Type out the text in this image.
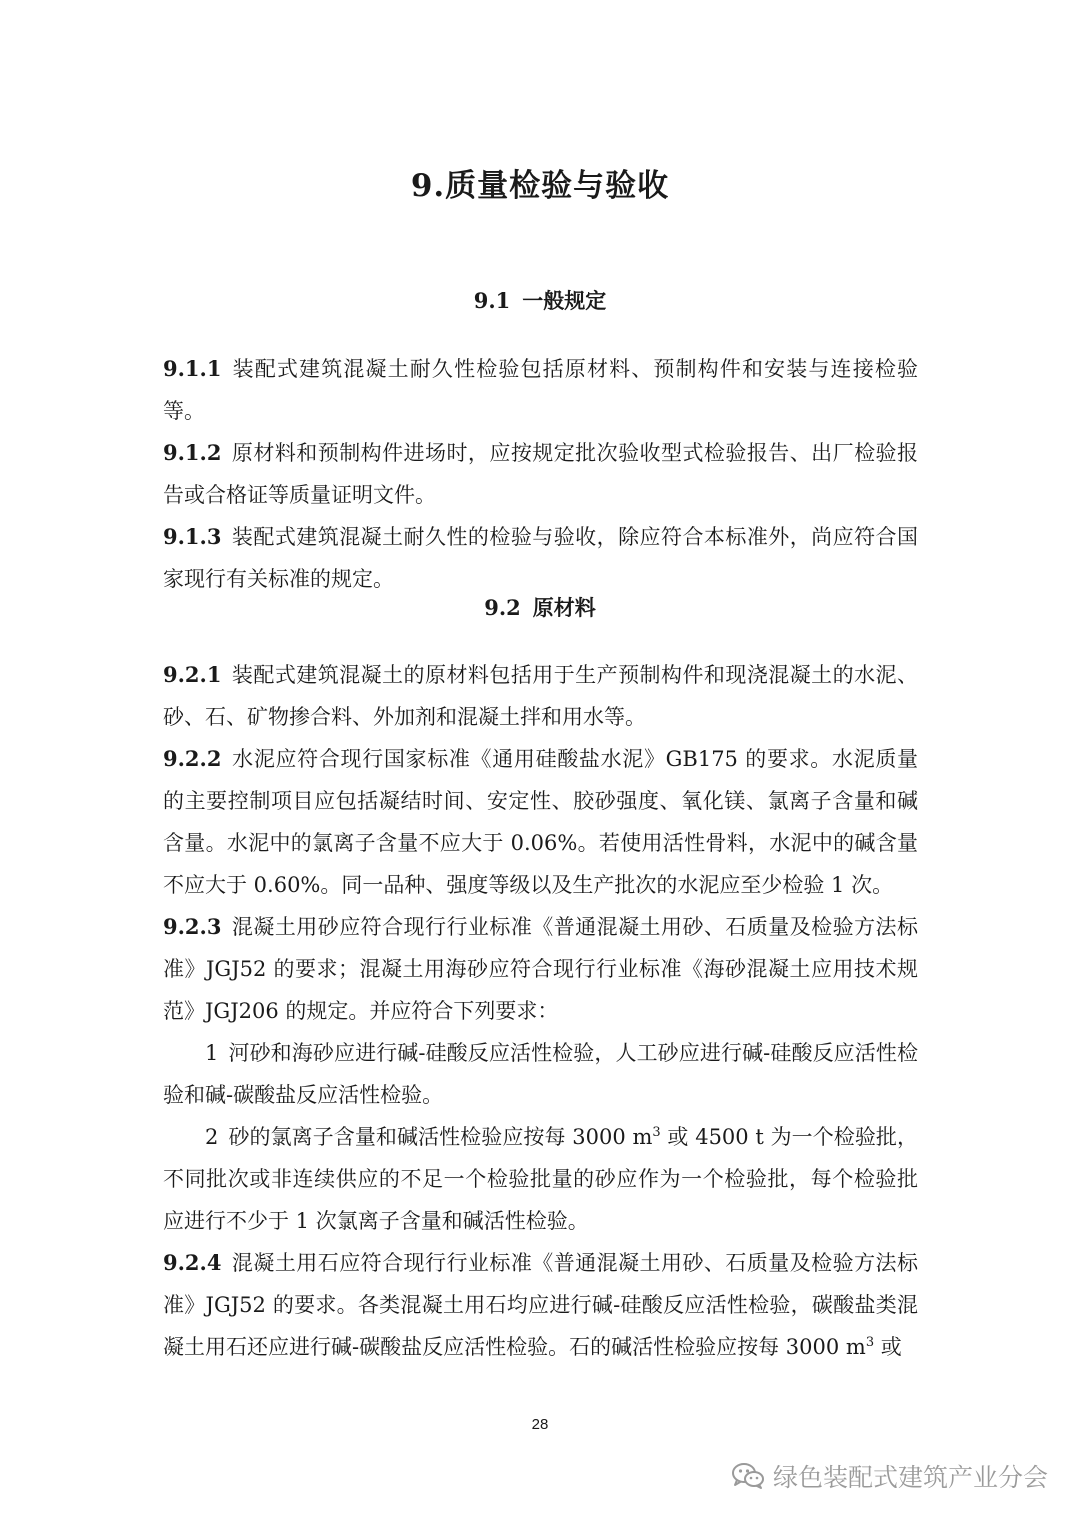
9.质量检验与验收
9.1 一般规定

9.1.1 装配式建筑混凝土耐久性检验包括原材料、预制构件和安装与连接检验等。

9.1.2 原材料和预制构件进场时，应按规定批次验收型式检验报告、出厂检验报告或合格证等质量证明文件。

9.1.3 装配式建筑混凝土耐久性的检验与验收，除应符合本标准外，尚应符合国家现行有关标准的规定。

9.2 原材料

9.2.1 装配式建筑混凝土的原材料包括用于生产预制构件和现浇混凝土的水泥、砂、石、矿物掺合料、外加剂和混凝土拌和用水等。

9.2.2 水泥应符合现行国家标准《通用硅酸盐水泥》GB175 的要求。水泥质量的主要控制项目应包括凝结时间、安定性、胶砂强度、氧化镁、氯离子含量和碱含量。水泥中的氯离子含量不应大于 0.06%。若使用活性骨料，水泥中的碱含量不应大于 0.60%。同一品种、强度等级以及生产批次的水泥应至少检验 1 次。

9.2.3 混凝土用砂应符合现行行业标准《普通混凝土用砂、石质量及检验方法标准》JGJ52 的要求；混凝土用海砂应符合现行行业标准《海砂混凝土应用技术规范》JGJ206 的规定。并应符合下列要求：

1 河砂和海砂应进行碱-硅酸反应活性检验，人工砂应进行碱-硅酸反应活性检验和碱-碳酸盐反应活性检验。

2 砂的氯离子含量和碱活性检验应按每 3000 $m^3$ 或 4500 t 为一个检验批，不同批次或非连续供应的不足一个检验批量的砂应作为一个检验批，每个检验批应进行不少于 1 次氯离子含量和碱活性检验。

9.2.4 混凝土用石应符合现行行业标准《普通混凝土用砂、石质量及检验方法标准》JGJ52 的要求。各类混凝土用石均应进行碱-硅酸反应活性检验，碳酸盐类混凝土用石还应进行碱-碳酸盐反应活性检验。石的碱活性检验应按每 3000 $m^3$ 或

28
绿色装配式建筑产业分会
